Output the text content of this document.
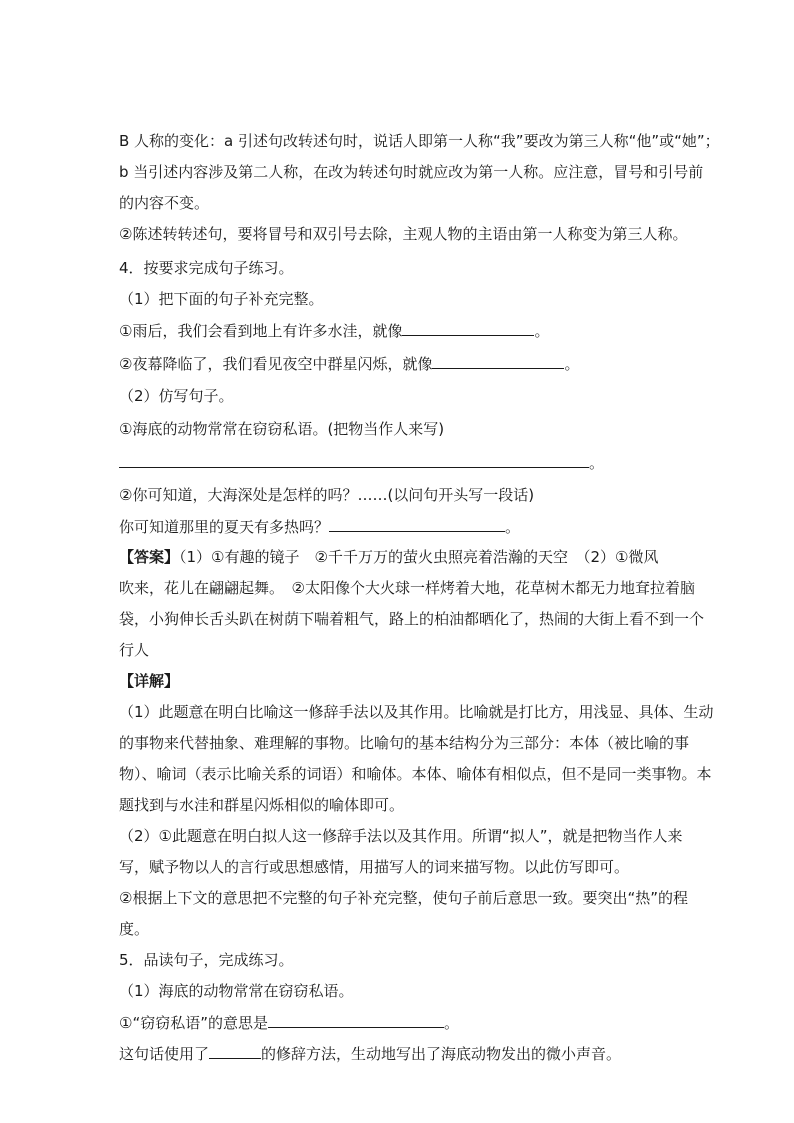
B 人称的变化：a 引述句改转述句时，说话人即第一人称“我”要改为第三人称“他”或“她”；
b 当引述内容涉及第二人称，在改为转述句时就应改为第一人称。应注意，冒号和引号前
的内容不变。
②陈述转转述句，要将冒号和双引号去除，主观人物的主语由第一人称变为第三人称。
4．按要求完成句子练习。
（1）把下面的句子补充完整。
①雨后，我们会看到地上有许多水洼，就像	。
②夜幕降临了，我们看见夜空中群星闪烁，就像	。
（2）仿写句子。
①海底的动物常常在窃窃私语。(把物当作人来写)
。
②你可知道，大海深处是怎样的吗？……(以问句开头写一段话)
你可知道那里的夏天有多热吗？	。
【答案】（1）①有趣的镜子　②千千万万的萤火虫照亮着浩瀚的天空　（2）①微风
吹来，花儿在翩翩起舞。　②太阳像个大火球一样烤着大地，花草树木都无力地耷拉着脑
袋，小狗伸长舌头趴在树荫下喘着粗气，路上的柏油都晒化了，热闹的大街上看不到一个
行人
【详解】
（1）此题意在明白比喻这一修辞手法以及其作用。比喻就是打比方，用浅显、具体、生动
的事物来代替抽象、难理解的事物。比喻句的基本结构分为三部分：本体（被比喻的事
物）、喻词（表示比喻关系的词语）和喻体。本体、喻体有相似点，但不是同一类事物。本
题找到与水洼和群星闪烁相似的喻体即可。
（2）①此题意在明白拟人这一修辞手法以及其作用。所谓“拟人”，就是把物当作人来
写，赋予物以人的言行或思想感情，用描写人的词来描写物。以此仿写即可。
②根据上下文的意思把不完整的句子补充完整，使句子前后意思一致。要突出“热”的程
度。
5．品读句子，完成练习。
（1）海底的动物常常在窃窃私语。
①“窃窃私语”的意思是	。
这句话使用了	的修辞方法，生动地写出了海底动物发出的微小声音。
